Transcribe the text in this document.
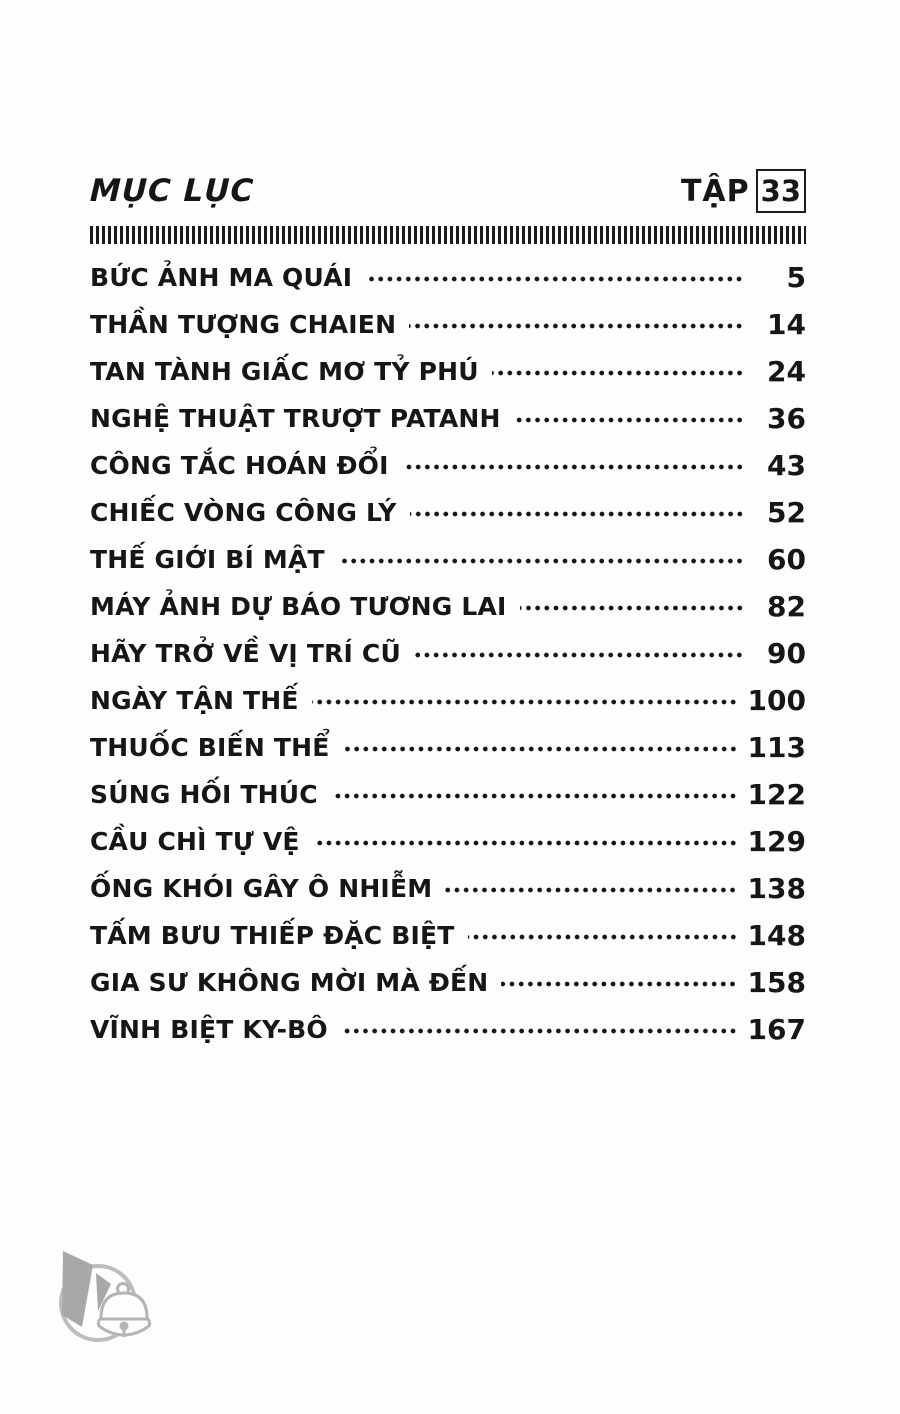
MỤC LỤC	TẬP 33
BỨC ẢNH MA QUÁI	5
THẦN TƯỢNG CHAIEN	14
TAN TÀNH GIẤC MƠ TỶ PHÚ	24
NGHỆ THUẬT TRƯỢT PATANH	36
CÔNG TẮC HOÁN ĐỔI	43
CHIẾC VÒNG CÔNG LÝ	52
THẾ GIỚI BÍ MẬT	60
MÁY ẢNH DỰ BÁO TƯƠNG LAI	82
HÃY TRỞ VỀ VỊ TRÍ CŨ	90
NGÀY TẬN THẾ	100
THUỐC BIẾN THỂ	113
SÚNG HỐI THÚC	122
CẦU CHÌ TỰ VỆ	129
ỐNG KHÓI GÂY Ô NHIỄM	138
TẤM BƯU THIẾP ĐẶC BIỆT	148
GIA SƯ KHÔNG MỜI MÀ ĐẾN	158
VĨNH BIỆT KY-BÔ	167
